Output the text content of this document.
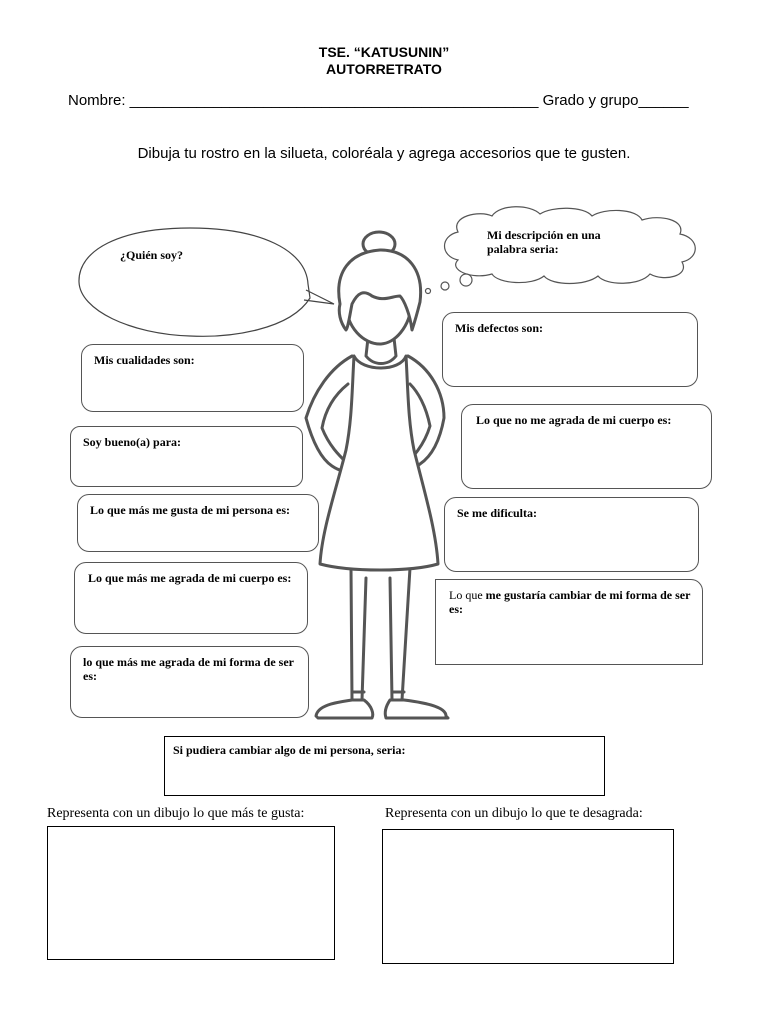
TSE. “KATUSUNIN”
AUTORRETRATO
Nombre: _________________________________________________ Grado y grupo______
Dibuja tu rostro en la silueta, coloréala y agrega accesorios que te gusten.
¿Quién soy?
Mi descripción en una palabra seria:
Mis cualidades son:
Soy bueno(a) para:
Lo que más me gusta de mi persona es:
Lo que más me agrada de mi cuerpo es:
lo que más me agrada de mi forma de ser es:
Mis defectos son:
Lo que no me agrada de mi cuerpo es:
Se me dificulta:
Lo que me gustaría cambiar de mi forma de ser es:
Si pudiera cambiar algo de mi persona, seria:
Representa con un dibujo lo que más te gusta:	Representa con un dibujo lo que te desagrada:
